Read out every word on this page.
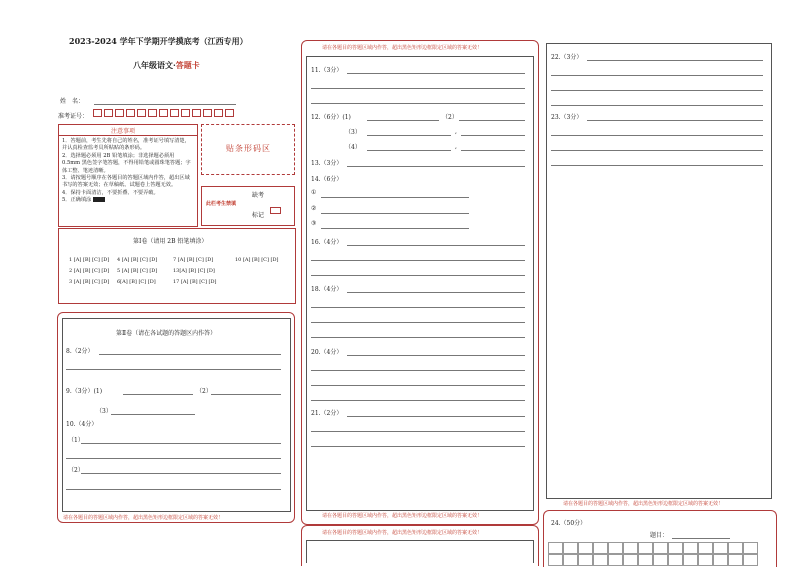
2023-2024 学年下学期开学摸底考（江西专用）
八年级语文·答题卡
姓　名：
准考证号：
注意事项
1．答题前，考生先将自己的姓名，准考证号填写清楚，并认真检查监考员所粘贴的条形码。
2．选择题必须用 2B 铅笔填涂；非选择题必须用 0.5mm 黑色签字笔答题，不得用铅笔或圆珠笔答题；字体工整、笔迹清晰。
3．请按题号顺序在各题目的答题区域内作答，超出区域书写的答案无效；在草稿纸、试题卷上答题无效。
4．保持卡面清洁，不要折叠、不要弄破。
5．正确填涂
贴条形码区
此栏考生禁填
缺考
标记
第Ⅰ卷（请用 2B 铅笔填涂）
1 [A] [B] [C] [D] 4 [A] [B] [C] [D]	7 [A] [B] [C] [D]	10 [A] [B] [C] [D]
2 [A] [B] [C] [D] 5 [A] [B] [C] [D]	13[A] [B] [C] [D]
3 [A] [B] [C] [D] 6[A] [B] [C] [D]	17 [A] [B] [C] [D]
第Ⅱ卷（请在各试题的答题区内作答）
8.（2分）
9.（3分）(1)	（2）
（3）
10.（4分）
（1）
（2）
请在各题目的答题区域内作答，超出黑色矩形边框限定区域的答案无效！
请在各题目的答题区域内作答，超出黑色矩形边框限定区域的答案无效！
11.（3分）
12.（6分）(1)	（2）
（3）	,
（4）	,
13.（3分）
14.（6分）
①
②
③
16.（4分）
18.（4分）
20.（4分）
21.（2分）
请在各题目的答题区域内作答，超出黑色矩形边框限定区域的答案无效！
请在各题目的答题区域内作答，超出黑色矩形边框限定区域的答案无效！
22.（3分）
23.（3分）
请在各题目的答题区域内作答，超出黑色矩形边框限定区域的答案无效！
24.（50分）
题目：
